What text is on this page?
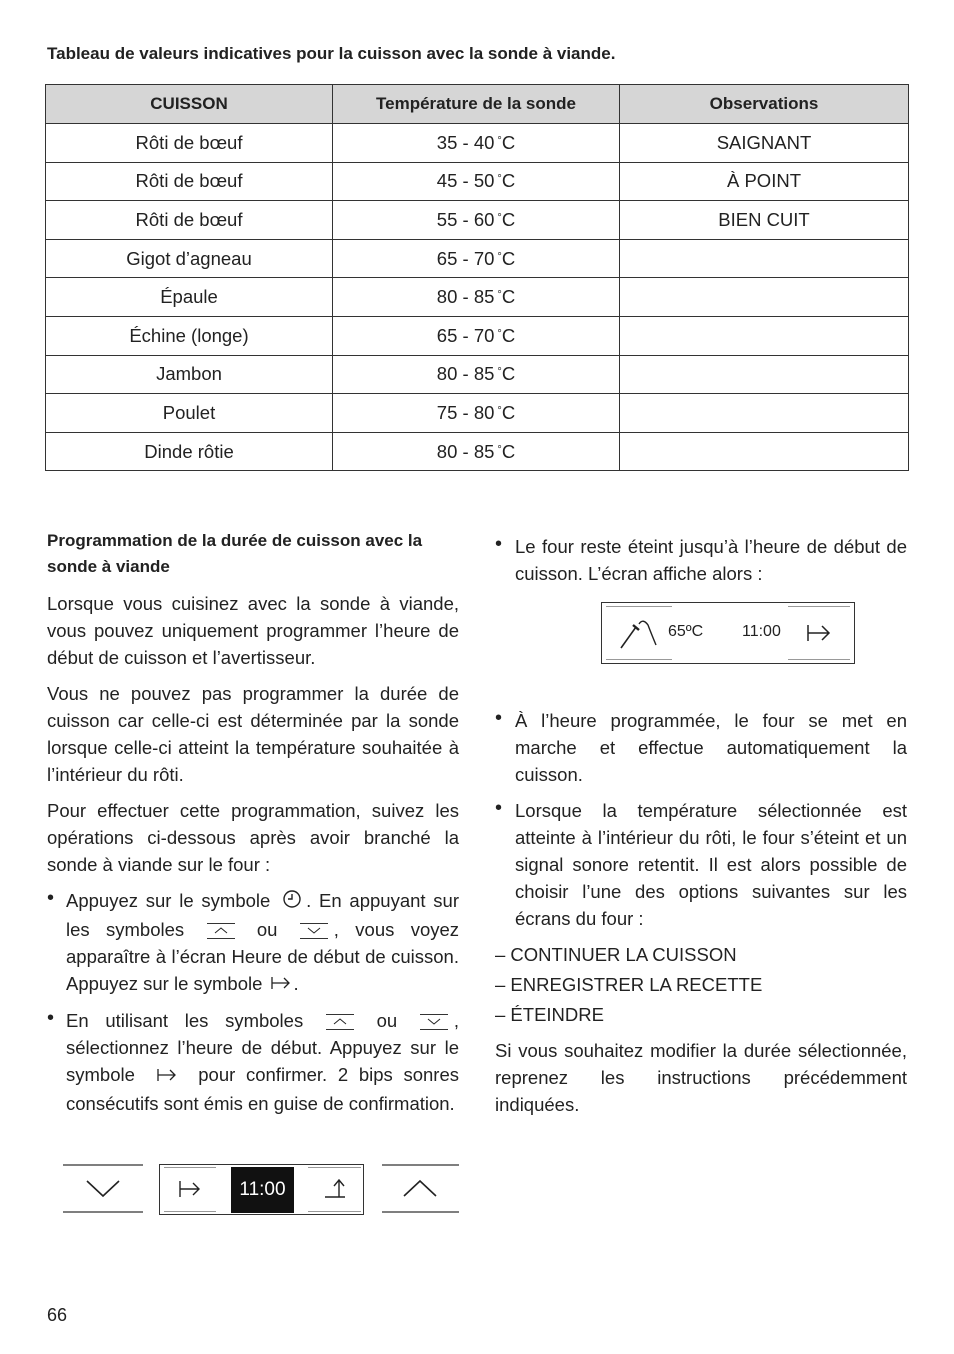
Tableau de valeurs indicatives pour la cuisson avec la sonde à viande.
CUISSON	Température de la sonde	Observations
Rôti de bœuf	35 - 40 °C	SAIGNANT
Rôti de bœuf	45 - 50 °C	À POINT
Rôti de bœuf	55 - 60 °C	BIEN CUIT
Gigot d’agneau	65 - 70 °C	
Épaule	80 - 85 °C	
Échine (longe)	65 - 70 °C	
Jambon	80 - 85 °C	
Poulet	75 - 80 °C	
Dinde rôtie	80 - 85 °C	
Programmation de la durée de cuisson avec la sonde à viande

Lorsque vous cuisinez avec la sonde à viande, vous pouvez uniquement programmer l’heure de début de cuisson et l’avertisseur.

Vous ne pouvez pas programmer la durée de cuisson car celle-ci est déterminée par la sonde lorsque celle-ci atteint la température souhaitée à l’intérieur du rôti.

Pour effectuer cette programmation, suivez les opérations ci-dessous après avoir branché la sonde à viande sur le four :

• Appuyez sur le symbole . En appuyant sur les symboles	ou	, vous voyez apparaître à l’écran Heure de début de cuisson. Appuyez sur le symbole .
• En utilisant les symboles	ou	, sélectionnez l’heure de début. Appuyez sur le symbole	pour confirmer. 2 bips sonres consécutifs sont émis en guise de confirmation.
• Le four reste éteint jusqu’à l’heure de début de cuisson. L’écran affiche alors :
• À l’heure programmée, le four se met en marche et effectue automatiquement la cuisson.
• Lorsque la température sélectionnée est atteinte à l’intérieur du rôti, le four s’éteint et un signal sonore retentit. Il est alors possible de choisir l’une des options suivantes sur les écrans du four :
– CONTINUER LA CUISSON
– ENREGISTRER LA RECETTE
– ÉTEINDRE

Si vous souhaitez modifier la durée sélectionnée, reprenez les instructions précédemment indiquées.

65ºC 11:00
11:00
66
